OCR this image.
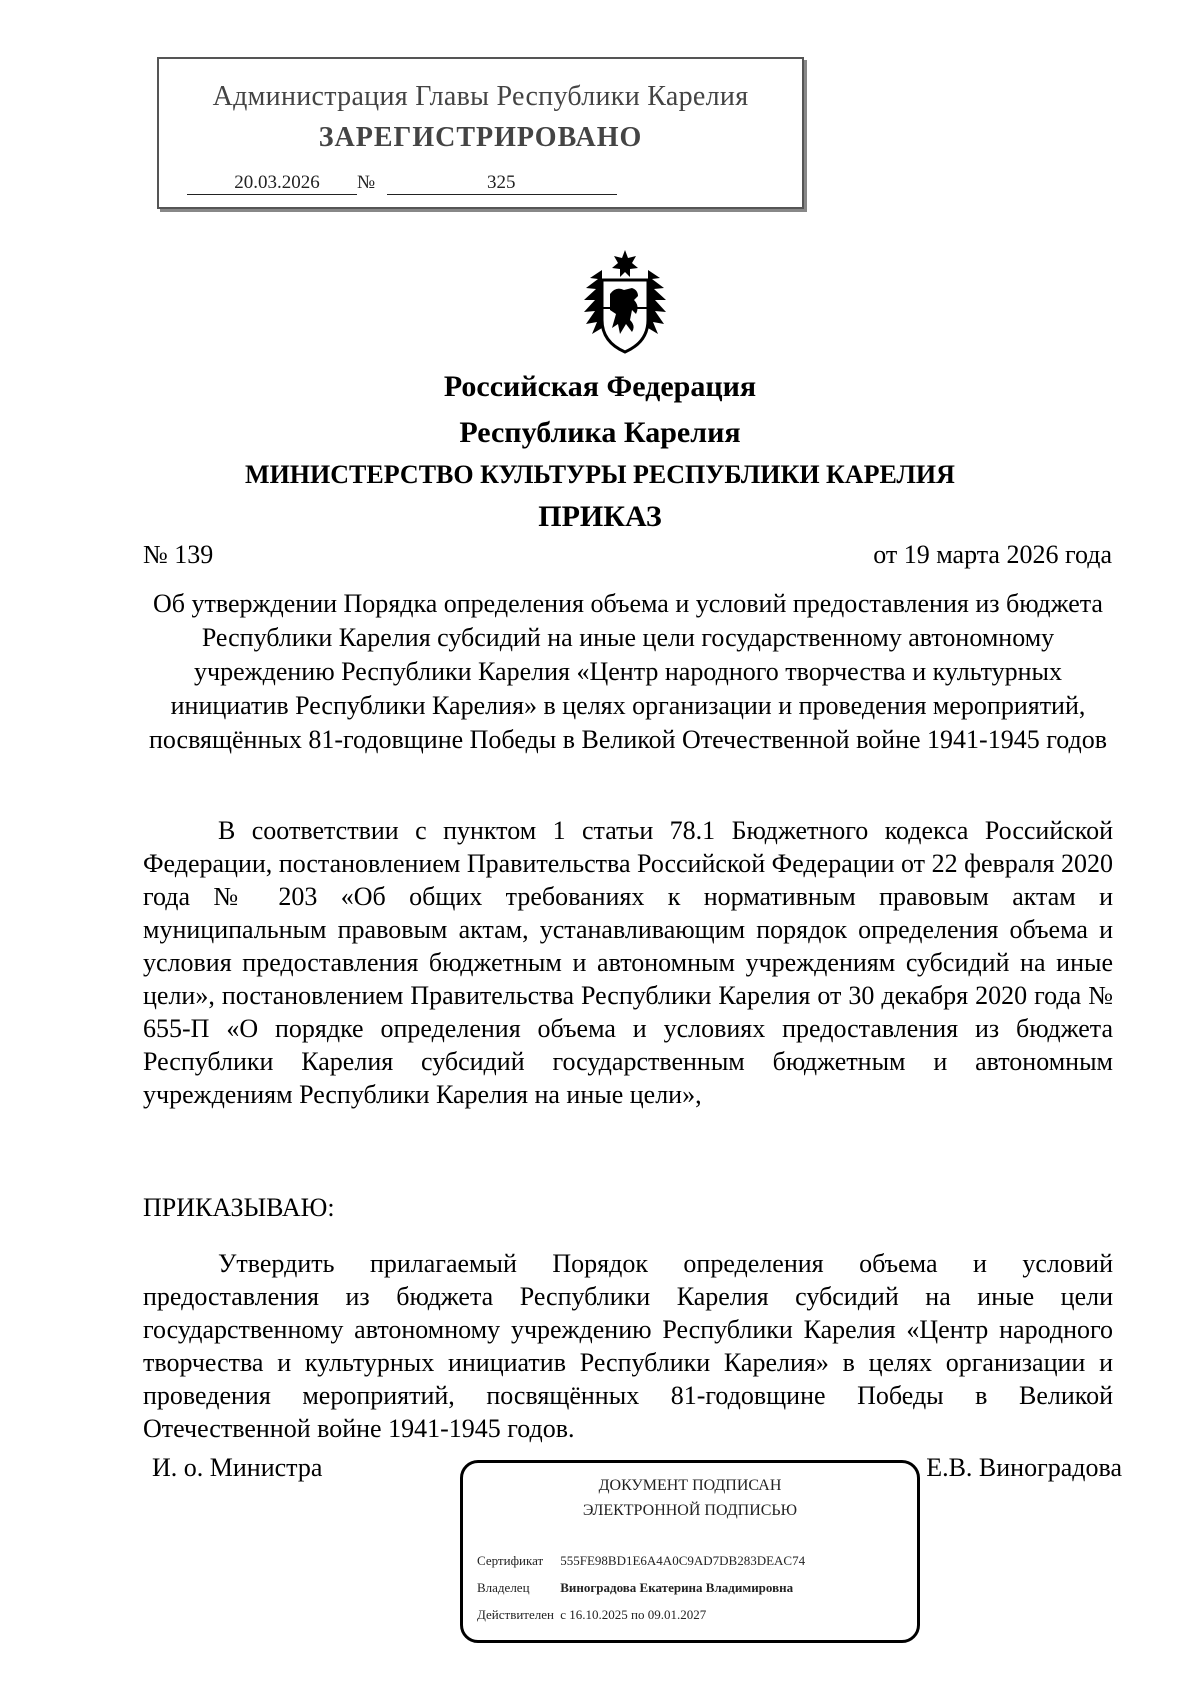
Администрация Главы Республики Карелия
ЗАРЕГИСТРИРОВАНО
20.03.2026	№	325
Российская Федерация
Республика Карелия
МИНИСТЕРСТВО КУЛЬТУРЫ РЕСПУБЛИКИ КАРЕЛИЯ
ПРИКАЗ
№ 139	от 19 марта 2026 года
Об утверждении Порядка определения объема и условий предоставления из бюджета Республики Карелия субсидий на иные цели государственному автономному учреждению Республики Карелия «Центр народного творчества и культурных инициатив Республики Карелия» в целях организации и проведения мероприятий, посвящённых 81-годовщине Победы в Великой Отечественной войне 1941-1945 годов
В соответствии с пунктом 1 статьи 78.1 Бюджетного кодекса Российской Федерации, постановлением Правительства Российской Федерации от 22 февраля 2020 года № 203 «Об общих требованиях к нормативным правовым актам и муниципальным правовым актам, устанавливающим порядок определения объема и условия предоставления бюджетным и автономным учреждениям субсидий на иные цели», постановлением Правительства Республики Карелия от 30 декабря 2020 года № 655-П «О порядке определения объема и условиях предоставления из бюджета Республики Карелия субсидий государственным бюджетным и автономным учреждениям Республики Карелия на иные цели»,
ПРИКАЗЫВАЮ:
Утвердить прилагаемый Порядок определения объема и условий предоставления из бюджета Республики Карелия субсидий на иные цели государственному автономному учреждению Республики Карелия «Центр народного творчества и культурных инициатив Республики Карелия» в целях организации и проведения мероприятий, посвящённых 81-годовщине Победы в Великой Отечественной войне 1941-1945 годов.
И. о. Министра	Е.В. Виноградова
ДОКУМЕНТ ПОДПИСАН
ЭЛЕКТРОННОЙ ПОДПИСЬЮ
Сертификат 555FE98BD1E6A4A0C9AD7DB283DEAC74
Владелец Виноградова Екатерина Владимировна
Действителен с 16.10.2025 по 09.01.2027
